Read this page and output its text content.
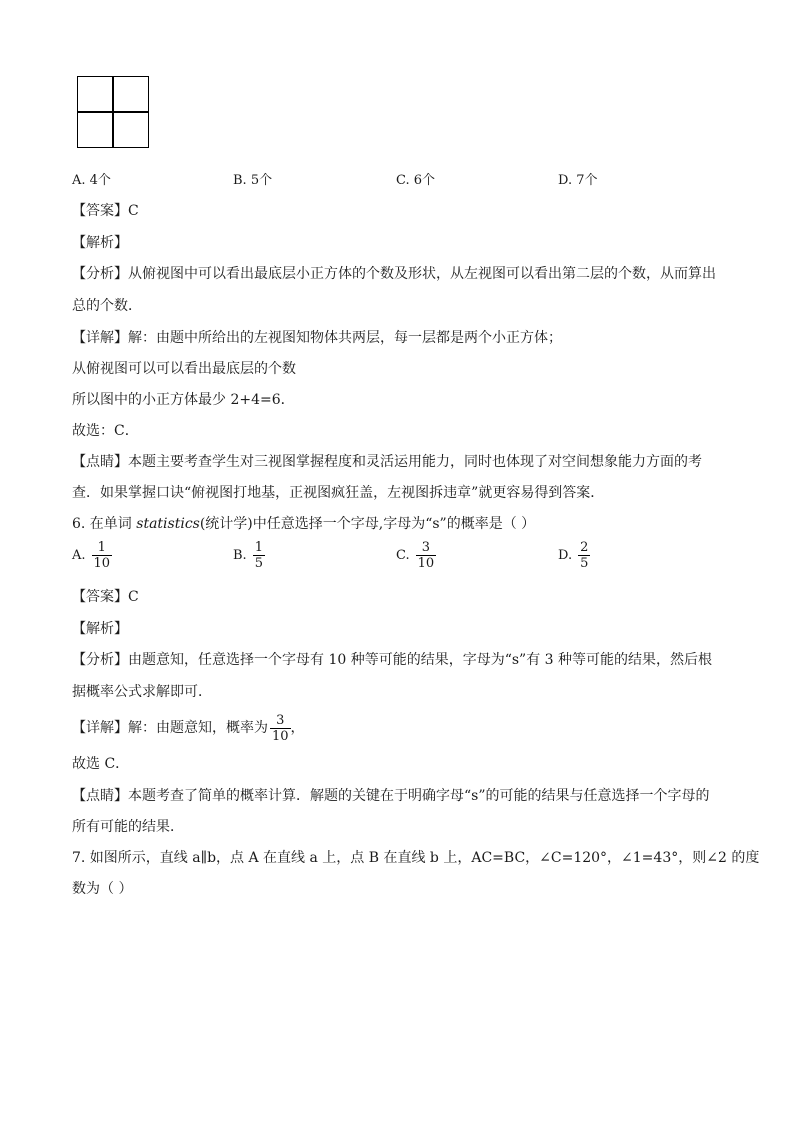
A. 4个	B. 5个	C. 6个	D. 7个
【答案】C
【解析】
【分析】从俯视图中可以看出最底层小正方体的个数及形状，从左视图可以看出第二层的个数，从而算出
总的个数．
【详解】解：由题中所给出的左视图知物体共两层，每一层都是两个小正方体；
从俯视图可以可以看出最底层的个数
所以图中的小正方体最少 2+4=6．
故选：C．
【点睛】本题主要考查学生对三视图掌握程度和灵活运用能力，同时也体现了对空间想象能力方面的考
查．如果掌握口诀“俯视图打地基，正视图疯狂盖，左视图拆违章”就更容易得到答案．
6. 在单词 statistics(统计学)中任意选择一个字母,字母为“s”的概率是（ ）
A. $\frac{1}{10}$	B. $\frac{1}{5}$	C. $\frac{3}{10}$	D. $\frac{2}{5}$
【答案】C
【解析】
【分析】由题意知，任意选择一个字母有 10 种等可能的结果，字母为“s”有 3 种等可能的结果，然后根
据概率公式求解即可．
【详解】解：由题意知，概率为 $\frac{3}{10}$ ，
故选 C．
【点睛】本题考查了简单的概率计算．解题的关键在于明确字母“s”的可能的结果与任意选择一个字母的
所有可能的结果．
7. 如图所示，直线 a∥b，点 A 在直线 a 上，点 B 在直线 b 上，AC=BC，∠C=120°，∠1=43°，则∠2 的度
数为（ ）
